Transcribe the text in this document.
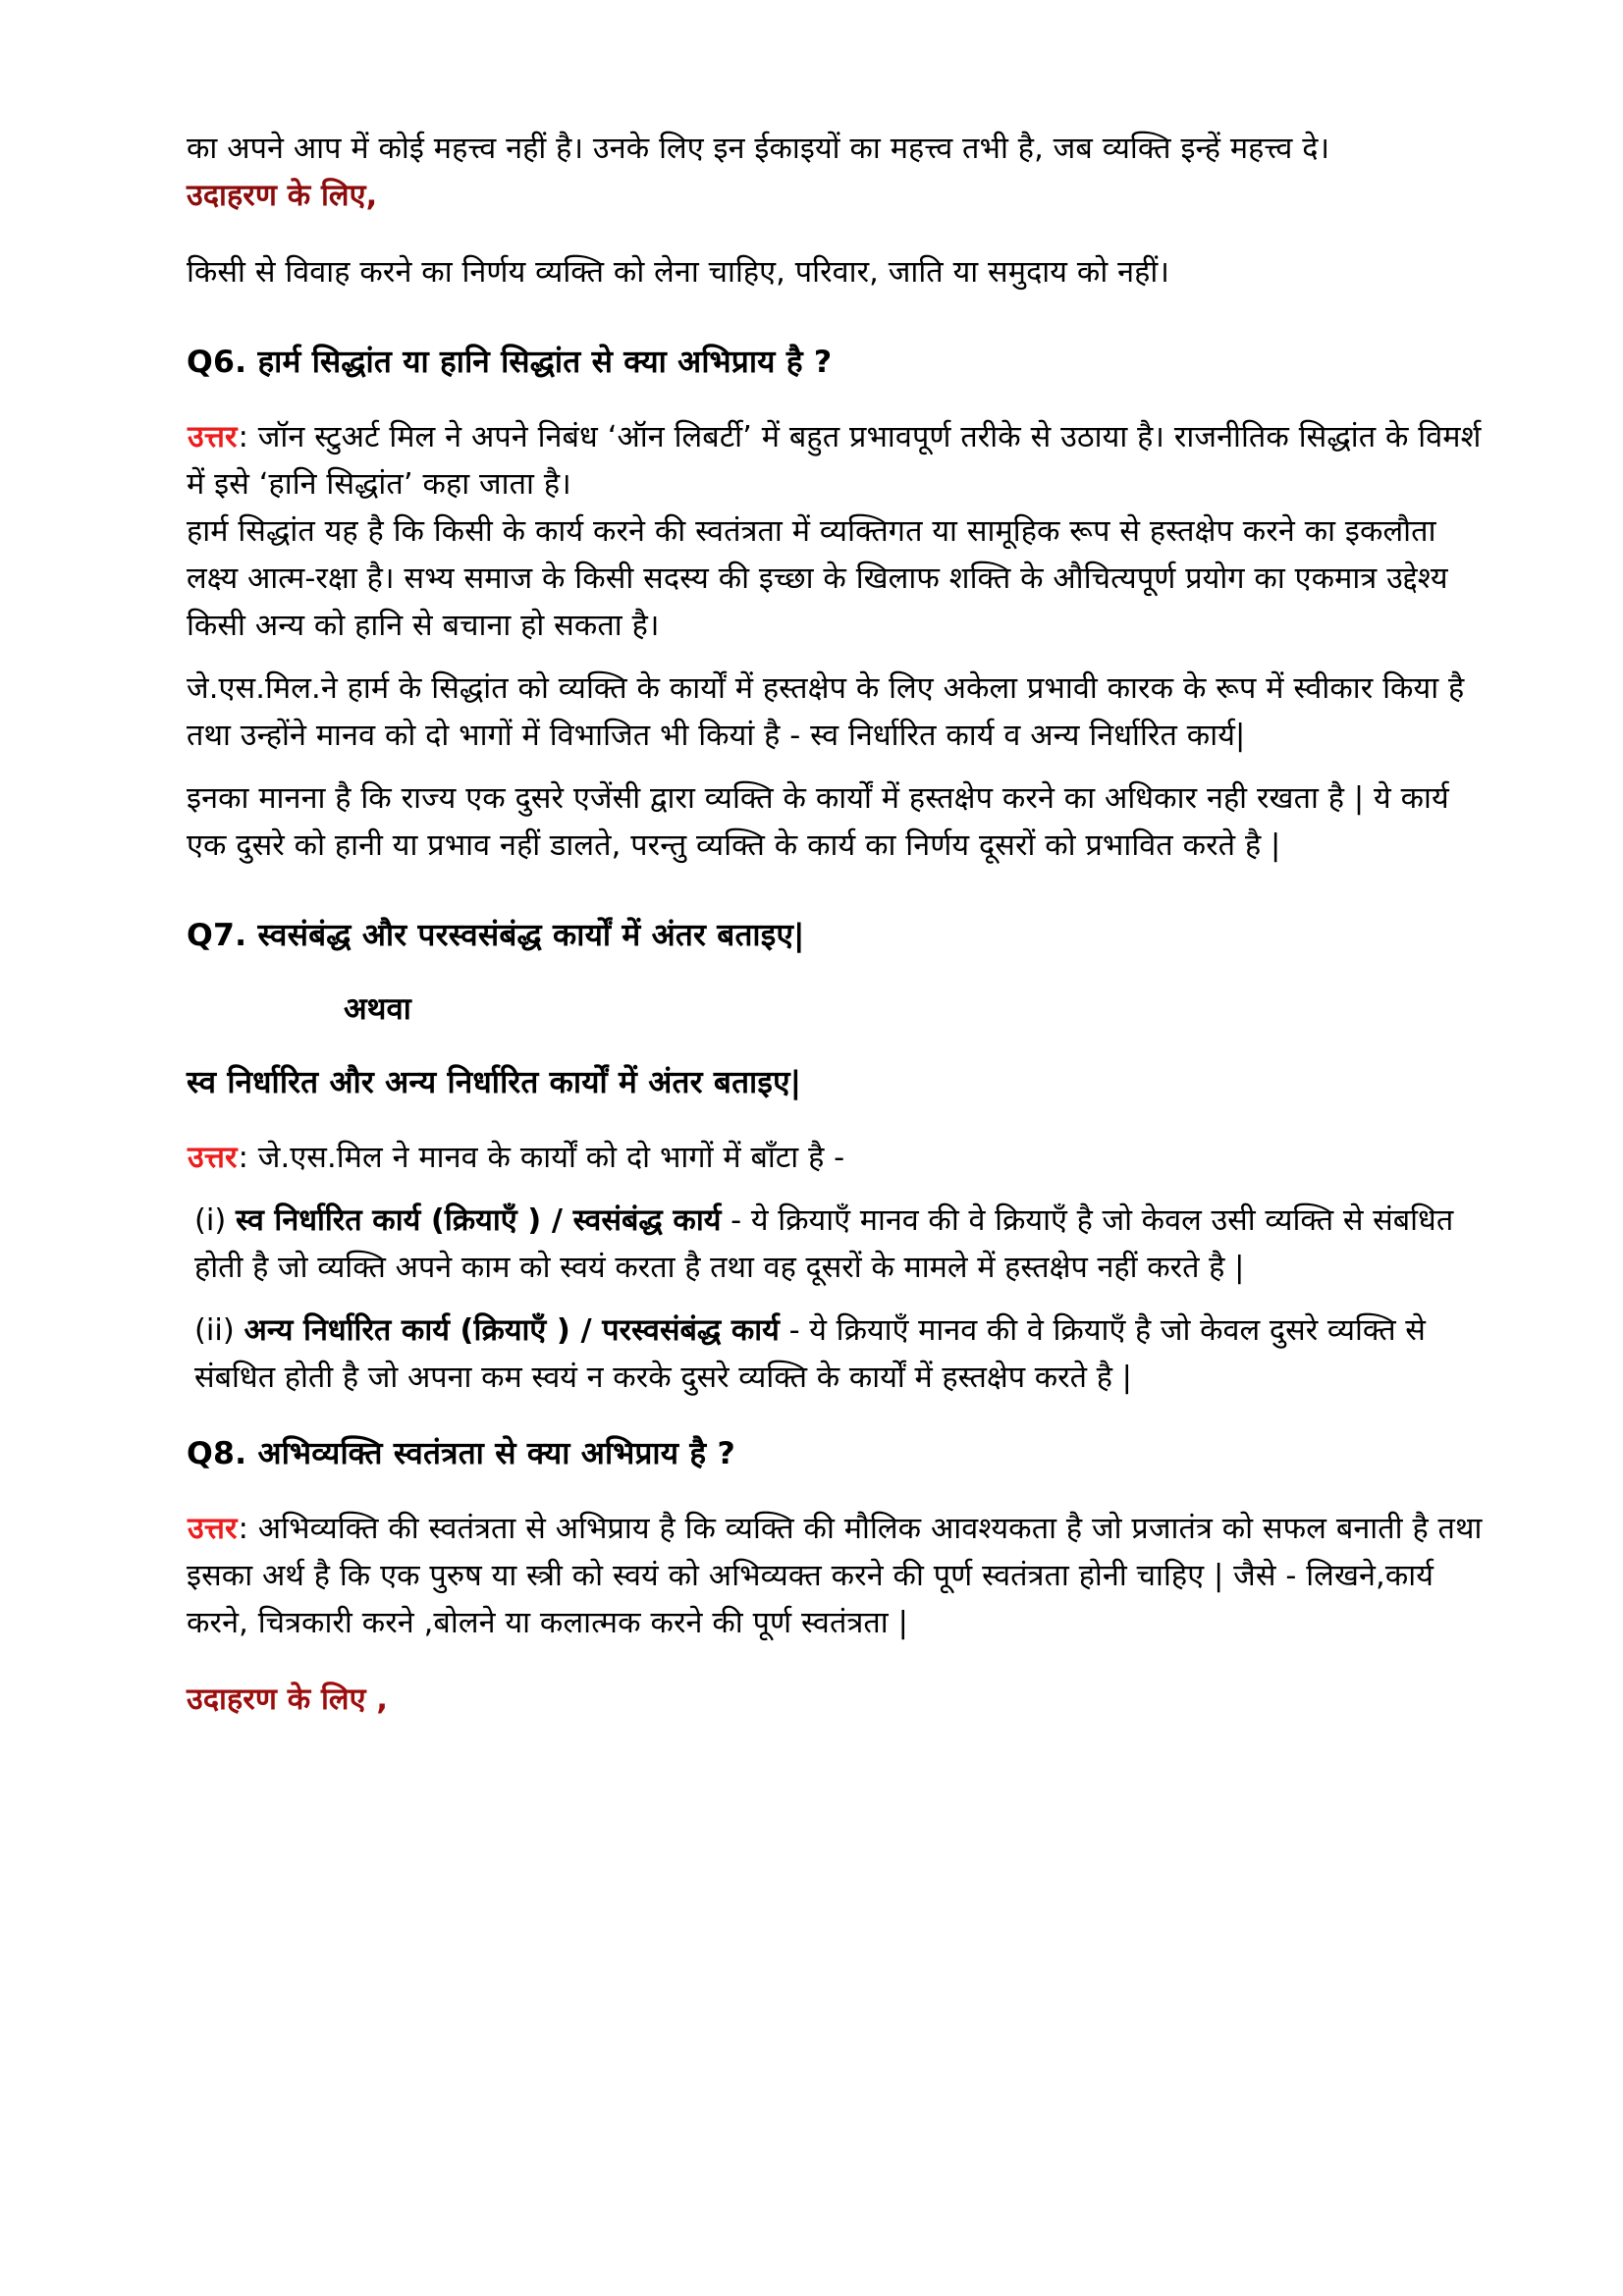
का अपने आप में कोई महत्त्व नहीं है। उनके लिए इन ईकाइयों का महत्त्व तभी है, जब व्यक्ति इन्हें महत्त्व दे।

उदाहरण के लिए,

किसी से विवाह करने का निर्णय व्यक्ति को लेना चाहिए, परिवार, जाति या समुदाय को नहीं।

Q6. हार्म सिद्धांत या हानि सिद्धांत से क्या अभिप्राय है ?

उत्तर: जॉन स्टुअर्ट मिल ने अपने निबंध ‘ऑन लिबर्टी’ में बहुत प्रभावपूर्ण तरीके से उठाया है। राजनीतिक सिद्धांत के विमर्श में इसे ‘हानि सिद्धांत’ कहा जाता है।

हार्म सिद्धांत यह है कि किसी के कार्य करने की स्वतंत्रता में व्यक्तिगत या सामूहिक रूप से हस्तक्षेप करने का इकलौता लक्ष्य आत्म-रक्षा है। सभ्य समाज के किसी सदस्य की इच्छा के खिलाफ शक्ति के औचित्यपूर्ण प्रयोग का एकमात्र उद्देश्य किसी अन्य को हानि से बचाना हो सकता है।

जे.एस.मिल.ने हार्म के सिद्धांत को व्यक्ति के कार्यों में हस्तक्षेप के लिए अकेला प्रभावी कारक के रूप में स्वीकार किया है तथा उन्होंने मानव को दो भागों में विभाजित भी कियां है - स्व निर्धारित कार्य व अन्य निर्धारित कार्य|

इनका मानना है कि राज्य एक दुसरे एजेंसी द्वारा व्यक्ति के कार्यों में हस्तक्षेप करने का अधिकार नही रखता है | ये कार्य एक दुसरे को हानी या प्रभाव नहीं डालते, परन्तु व्यक्ति के कार्य का निर्णय दूसरों को प्रभावित करते है |

Q7. स्वसंबंद्ध और परस्वसंबंद्ध कार्यों में अंतर बताइए|

अथवा

स्व निर्धारित और अन्य निर्धारित कार्यों में अंतर बताइए|

उत्तर: जे.एस.मिल ने मानव के कार्यों को दो भागों में बाँटा है -

(i) स्व निर्धारित कार्य (क्रियाएँ ) / स्वसंबंद्ध कार्य - ये क्रियाएँ मानव की वे क्रियाएँ है जो केवल उसी व्यक्ति से संबधित होती है जो व्यक्ति अपने काम को स्वयं करता है तथा वह दूसरों के मामले में हस्तक्षेप नहीं करते है |

(ii) अन्य निर्धारित कार्य (क्रियाएँ ) / परस्वसंबंद्ध कार्य - ये क्रियाएँ मानव की वे क्रियाएँ है जो केवल दुसरे व्यक्ति से संबधित होती है जो अपना कम स्वयं न करके दुसरे व्यक्ति के कार्यों में हस्तक्षेप करते है |

Q8. अभिव्यक्ति स्वतंत्रता से क्या अभिप्राय है ?

उत्तर: अभिव्यक्ति की स्वतंत्रता से अभिप्राय है कि व्यक्ति की मौलिक आवश्यकता है जो प्रजातंत्र को सफल बनाती है तथा इसका अर्थ है कि एक पुरुष या स्त्री को स्वयं को अभिव्यक्त करने की पूर्ण स्वतंत्रता होनी चाहिए | जैसे - लिखने,कार्य करने, चित्रकारी करने ,बोलने या कलात्मक करने की पूर्ण स्वतंत्रता |

उदाहरण के लिए ,
